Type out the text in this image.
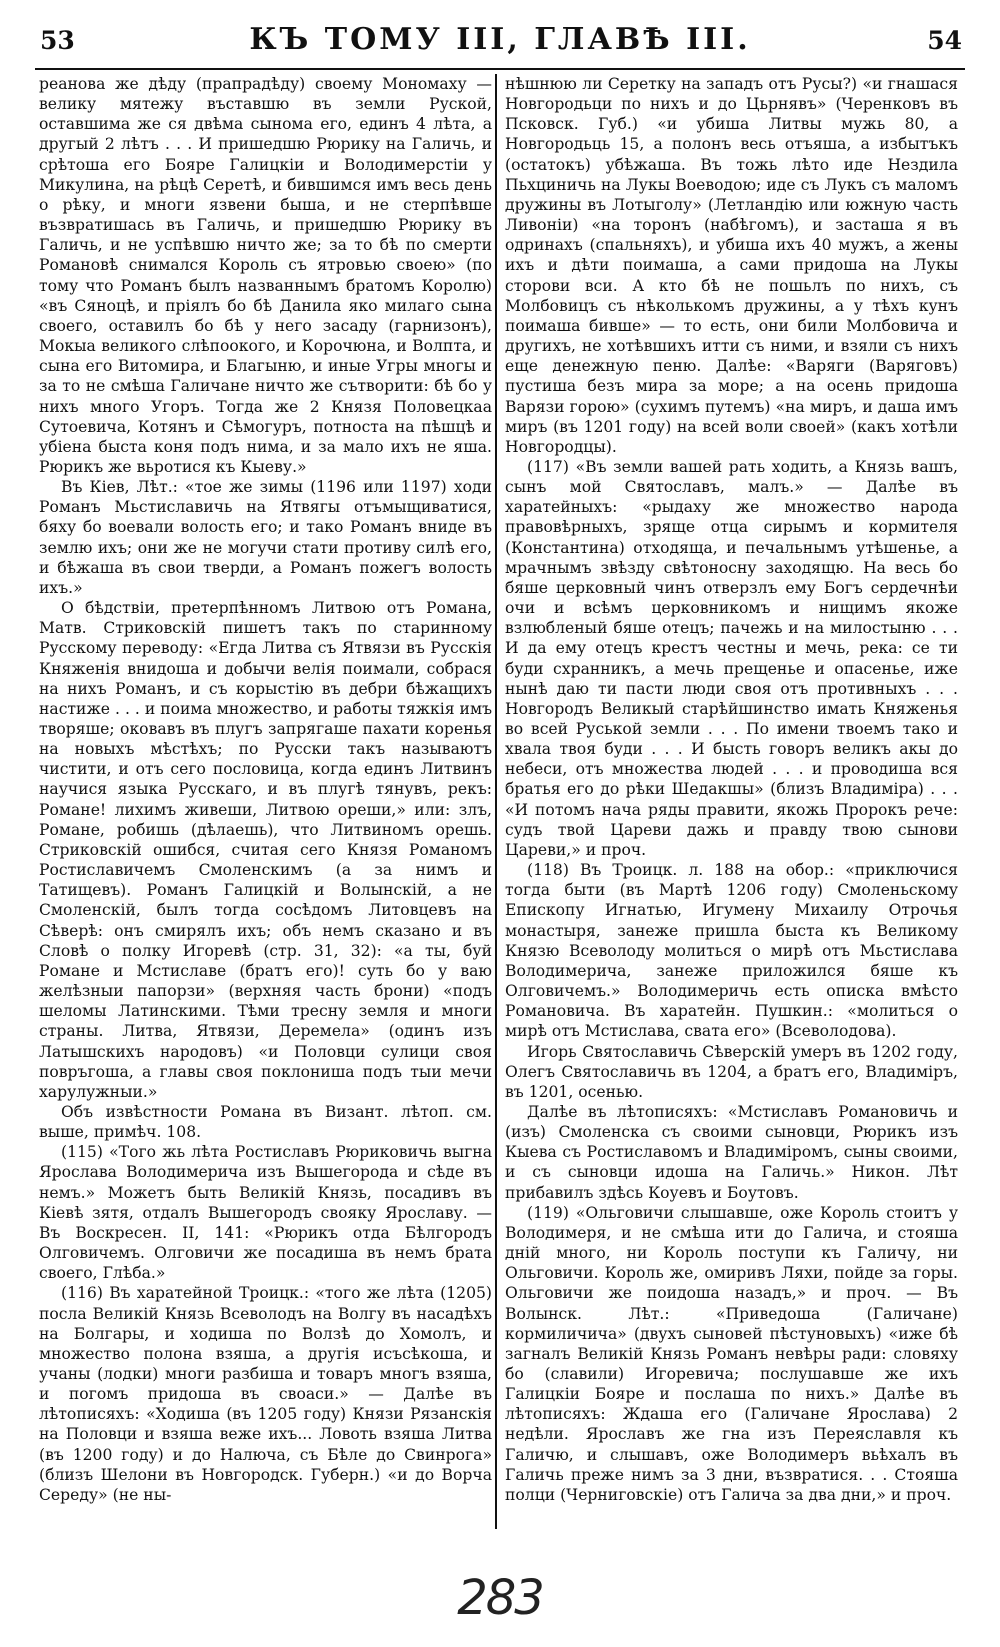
53	КЪ ТОМУ III, ГЛАВѢ III.	54

реанова же дѣду (прапрадѣду) своему Мономаху — велику мятежу въставшю въ земли Руской, оставшима же ся двѣма сынома его, единъ 4 лѣта, а другый 2 лѣтъ . . . И пришедшю Рюрику на Галичь, и срѣтоша его Бояре Галицкіи и Володимерстіи у Микулина, на рѣцѣ Серетѣ, и бившимся имъ весь день о рѣку, и многи язвени быша, и не стерпѣвше възвратишась въ Галичь, и пришедшю Рюрику въ Галичь, и не успѣвшю ничто же; за то бѣ по смерти Романовѣ снимался Король съ ятровью своею» (по тому что Романъ былъ названнымъ братомъ Королю) «въ Сяноцѣ, и пріялъ бо бѣ Данила яко милаго сына своего, оставилъ бо бѣ у него засаду (гарнизонъ), Мокыа великого слѣпоокого, и Корочюна, и Волпта, и сына его Витомира, и Благыню, и иные Угры многы и за то не смѣша Галичане ничто же сътворити: бѣ бо у нихъ много Угоръ. Тогда же 2 Князя Половецкаа Сутоевича, Котянъ и Сѣмогуръ, потностa на пѣшцѣ и убiена быста коня подъ нима, и за мало ихъ не яша. Рюрикъ же вьротися къ Кыеву.»

Въ Кіев, Лѣт.: «тое же зимы (1196 или 1197) ходи Романъ Мьстиславичь на Ятвягы отъмыщиватися, бяху бо воевали волость его; и тако Романъ вниде въ землю ихъ; они же не могучи стати противу силѣ его, и бѣжаша въ свои тверди, а Романъ пожегъ волость ихъ.»

О бѣдствіи, претерпѣнномъ Литвою отъ Романа, Матв. Стриковскій пишетъ такъ по старинному Русскому переводу: «Егда Литва съ Ятвязи въ Русскія Княженія внидоша и добычи велія поимали, собрася на нихъ Романъ, и съ корыстію въ дебри бѣжащихъ настиже . . . и поима множество, и работы тяжкія имъ творяше; оковавъ въ плугъ запрягаше пахати коренья на новыхъ мѣстѣхъ; по Русски такъ называютъ чистити, и отъ сего пословица, когда единъ Литвинъ научися языка Русскаго, и въ плугѣ тянувъ, рекъ: Романе! лихимъ живеши, Литвою ореши,» или: злъ, Романе, робишь (дѣлаешь), что Литвиномъ орешь. Стриковскій ошибся, считая сего Князя Романомъ Ростиславичемъ Смоленскимъ (а за нимъ и Татищевъ). Романъ Галицкій и Волынскій, а не Смоленскій, былъ тогда сосѣдомъ Литовцевъ на Сѣверѣ: онъ смирялъ ихъ; объ немъ сказано и въ Словѣ о полку Игоревѣ (стр. 31, 32): «а ты, буй Романе и Мстиславе (братъ его)! суть бо у ваю желѣзныи папорзи» (верхняя часть брони) «подъ шеломы Латинскими. Тѣми тресну земля и многи страны. Литва, Ятвязи, Деремела» (одинъ изъ Латышскихъ народовъ) «и Половци сулици своя повръгоша, а главы своя поклониша подъ тыи мечи харулужныи.»

Объ извѣстности Романа въ Визант. лѣтоп. см. выше, примѣч. 108.

(115) «Того жь лѣта Ростиславъ Рюриковичь выгна Ярослава Володимерича изъ Вышегорода и сѣде въ немъ.» Можетъ быть Великій Князь, посадивъ въ Кіевѣ зятя, отдалъ Вышегородъ свояку Ярославу. — Въ Воскресен. II, 141: «Рюрикъ отда Бѣлгородъ Олговичемъ. Олговичи же посадиша въ немъ брата своего, Глѣба.»

(116) Въ харатейной Троицк.: «того же лѣта (1205) посла Великій Князь Всеволодъ на Волгу въ насадѣхъ на Болгары, и ходиша по Волзѣ до Хомолъ, и множество полона взяша, а другія исъсѣкоша, и учаны (лодки) многи разбиша и товаръ многъ взяша, и погомъ придоша въ своаси.» — Далѣе въ лѣтописяхъ: «Ходиша (въ 1205 году) Князи Рязанскія на Половци и взяша веже ихъ... Ловоть взяша Литва (въ 1200 году) и до Налюча, съ Бѣле до Свинрога» (близъ Шелони въ Новгородск. Губерн.) «и до Ворча Середу» (не ны-

нѣшнюю ли Серетку на западъ отъ Русы?) «и гнашася Новгородьци по нихъ и до Цьрнявъ» (Черенковъ въ Псковск. Губ.) «и убиша Литвы мужь 80, а Новгородьць 15, а полонъ весь отъяша, а избытъкъ (остатокъ) убѣжаша. Въ тожь лѣто иде Нездила Пьхциничь на Лукы Воеводою; иде съ Лукъ съ маломъ дружины въ Лотыголу» (Летландію или южную часть Ливоніи) «на торонъ (набѣгомъ), и засташа я въ одринахъ (спальняхъ), и убиша ихъ 40 мужъ, а жены ихъ и дѣти поимаша, а сами придоша на Лукы сторови вси. А кто бѣ не пошьлъ по нихъ, съ Молбовицъ съ нѣколькомъ дружины, а у тѣхъ кунъ поимаша бивше» — то есть, они били Молбовича и другихъ, не хотѣвшихъ итти съ ними, и взяли съ нихъ еще денежную пеню. Далѣе: «Варяги (Варяговъ) пустиша безъ мира за море; а на осень придоша Варязи горою» (сухимъ путемъ) «на миръ, и даша имъ миръ (въ 1201 году) на всей воли своей» (какъ хотѣли Новгородцы).

(117) «Въ земли вашей рать ходить, а Князь вашъ, сынъ мой Святославъ, малъ.» — Далѣе въ харатейныхъ: «рыдаху же множество народа правовѣрныхъ, зряще отца сирымъ и кормителя (Константина) отходяща, и печальнымъ утѣшенье, а мрачнымъ звѣзду свѣтоносну заходящю. На весь бо бяше церковный чинъ отверзлъ ему Богъ сердечнѣи очи и всѣмъ церковникомъ и нищимъ якоже взлюбленый бяше отецъ; пачежь и на милостыню . . . И да ему отецъ крестъ честны и мечь, река: се ти буди схранникъ, а мечь прещенье и опасенье, иже нынѣ даю ти пасти люди своя отъ противныхъ . . . Новгородъ Великый старѣйшинство имать Княженья во всей Руськой земли . . . По имени твоемъ тако и хвала твоя буди . . . И бысть говоръ великъ акы до небеси, отъ множества людей . . . и проводиша вся братья его до рѣки Шедакшы» (близъ Владиміра) . . . «И потомъ нача ряды правити, якожь Пророкъ рече: судъ твой Цареви дажь и правду твою сынови Цареви,» и проч.

(118) Въ Троицк. л. 188 на обор.: «приключися тогда быти (въ Мартѣ 1206 году) Смоленьскому Епископу Игнатью, Игумену Михаилу Отрочья монастыря, занеже пришла быста къ Великому Князю Всеволоду молиться о мирѣ отъ Мьстислава Володимерича, занеже приложился бяше къ Олговичемъ.» Володимеричь есть описка вмѣсто Романовича. Въ харатейн. Пушкин.: «молиться о мирѣ отъ Мстислава, свата его» (Всеволодова).

Игорь Святославичь Сѣверскій умеръ въ 1202 году, Олегъ Святославичь въ 1204, а братъ его, Владиміръ, въ 1201, осенью.

Далѣе въ лѣтописяхъ: «Мстиславъ Романовичь и (изъ) Смоленска съ своими сыновци, Рюрикъ изъ Кыева съ Ростиславомъ и Владиміромъ, сыны своими, и съ сыновци идоша на Галичь.» Никон. Лѣт прибавилъ здѣсь Коуевъ и Боутовъ.

(119) «Ольговичи слышавше, оже Король стоитъ у Володимеря, и не смѣша ити до Галича, и стояша дній много, ни Король поступи къ Галичу, ни Ольговичи. Король же, омиривъ Ляхи, пойде за горы. Ольговичи же поидоша назадъ,» и проч. — Въ Волынск. Лѣт.: «Приведоша (Галичане) кормиличича» (двухъ сыновей пѣстуновыхъ) «иже бѣ загналъ Великій Князь Романъ невѣры ради: словяху бо (славили) Игоревича; послушавше же ихъ Галицкіи Бояре и послаша по нихъ.» Далѣе въ лѣтописяхъ: Ждаша его (Галичане Ярослава) 2 недѣли. Ярославъ же гна изъ Переяславля къ Галичю, и слышавъ, оже Володимеръ вьѣхалъ въ Галичь преже нимъ за 3 дни, възвратися. . . Стояша полци (Черниговскіе) отъ Галича за два дни,» и проч.

283
